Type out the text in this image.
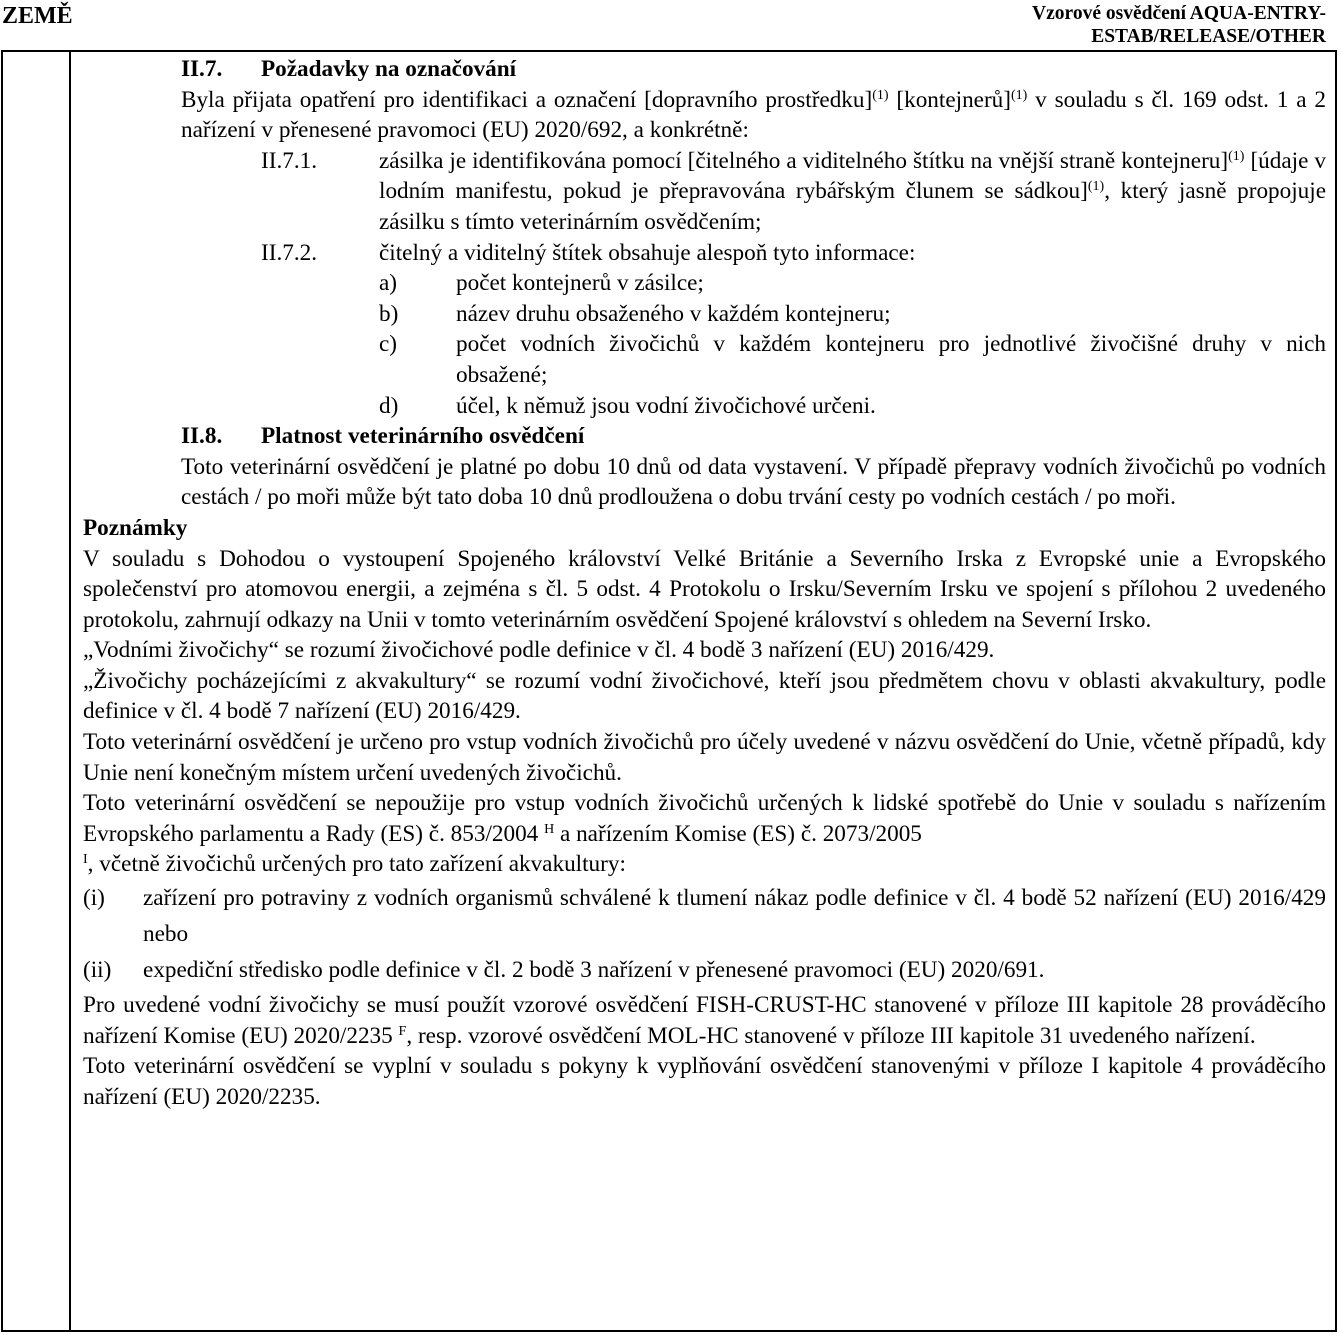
ZEMĚ	Vzorové osvědčení AQUA-ENTRY-
ESTAB/RELEASE/OTHER

II.7. Požadavky na označování

Byla přijata opatření pro identifikaci a označení [dopravního prostředku]$^{(1)}$ [kontejnerů]$^{(1)}$ v souladu s čl. 169 odst. 1 a 2 nařízení v přenesené pravomoci (EU) 2020/692, a konkrétně:

II.7.1.	zásilka je identifikována pomocí [čitelného a viditelného štítku na vnější straně kontejneru]$^{(1)}$ [údaje v lodním manifestu, pokud je přepravována rybářským člunem se sádkou]$^{(1)}$, který jasně propojuje zásilku s tímto veterinárním osvědčením;
II.7.2.	čitelný a viditelný štítek obsahuje alespoň tyto informace:
a)	počet kontejnerů v zásilce;
b)	název druhu obsaženého v každém kontejneru;
c)	počet vodních živočichů v každém kontejneru pro jednotlivé živočišné druhy v nich obsažené;
d)	účel, k němuž jsou vodní živočichové určeni.

II.8. Platnost veterinárního osvědčení

Toto veterinární osvědčení je platné po dobu 10 dnů od data vystavení. V případě přepravy vodních živočichů po vodních cestách / po moři může být tato doba 10 dnů prodloužena o dobu trvání cesty po vodních cestách / po moři.

Poznámky

V souladu s Dohodou o vystoupení Spojeného království Velké Británie a Severního Irska z Evropské unie a Evropského společenství pro atomovou energii, a zejména s čl. 5 odst. 4 Protokolu o Irsku/Severním Irsku ve spojení s přílohou 2 uvedeného protokolu, zahrnují odkazy na Unii v tomto veterinárním osvědčení Spojené království s ohledem na Severní Irsko.

„Vodními živočichy“ se rozumí živočichové podle definice v čl. 4 bodě 3 nařízení (EU) 2016/429.

„Živočichy pocházejícími z akvakultury“ se rozumí vodní živočichové, kteří jsou předmětem chovu v oblasti akvakultury, podle definice v čl. 4 bodě 7 nařízení (EU) 2016/429.

Toto veterinární osvědčení je určeno pro vstup vodních živočichů pro účely uvedené v názvu osvědčení do Unie, včetně případů, kdy Unie není konečným místem určení uvedených živočichů.

Toto veterinární osvědčení se nepoužije pro vstup vodních živočichů určených k lidské spotřebě do Unie v souladu s nařízením Evropského parlamentu a Rady (ES) č. 853/2004 $^H$ a nařízením Komise (ES) č. 2073/2005
$^I$, včetně živočichů určených pro tato zařízení akvakultury:

(i)	zařízení pro potraviny z vodních organismů schválené k tlumení nákaz podle definice v čl. 4 bodě 52 nařízení (EU) 2016/429 nebo
(ii)	expediční středisko podle definice v čl. 2 bodě 3 nařízení v přenesené pravomoci (EU) 2020/691.

Pro uvedené vodní živočichy se musí použít vzorové osvědčení FISH-CRUST-HC stanovené v příloze III kapitole 28 prováděcího nařízení Komise (EU) 2020/2235 $^F$, resp. vzorové osvědčení MOL-HC stanovené v příloze III kapitole 31 uvedeného nařízení.

Toto veterinární osvědčení se vyplní v souladu s pokyny k vyplňování osvědčení stanovenými v příloze I kapitole 4 prováděcího nařízení (EU) 2020/2235.
